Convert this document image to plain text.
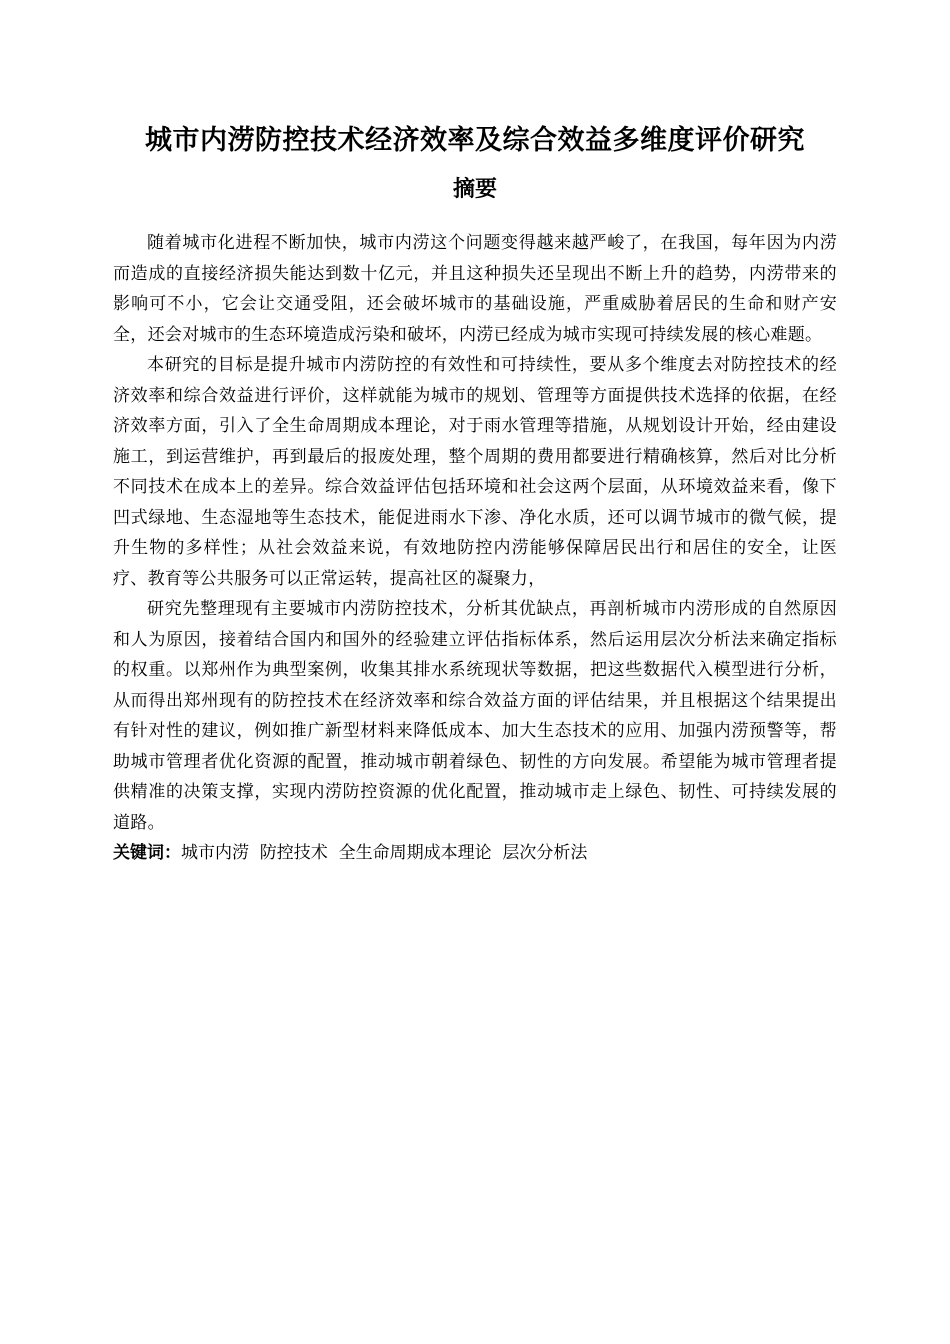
城市内涝防控技术经济效率及综合效益多维度评价研究
摘要

随着城市化进程不断加快，城市内涝这个问题变得越来越严峻了，在我国，每年因为内涝而造成的直接经济损失能达到数十亿元，并且这种损失还呈现出不断上升的趋势，内涝带来的影响可不小，它会让交通受阻，还会破坏城市的基础设施，严重威胁着居民的生命和财产安全，还会对城市的生态环境造成污染和破坏，内涝已经成为城市实现可持续发展的核心难题。

本研究的目标是提升城市内涝防控的有效性和可持续性，要从多个维度去对防控技术的经济效率和综合效益进行评价，这样就能为城市的规划、管理等方面提供技术选择的依据，在经济效率方面，引入了全生命周期成本理论，对于雨水管理等措施，从规划设计开始，经由建设施工，到运营维护，再到最后的报废处理，整个周期的费用都要进行精确核算，然后对比分析不同技术在成本上的差异。综合效益评估包括环境和社会这两个层面，从环境效益来看，像下凹式绿地、生态湿地等生态技术，能促进雨水下渗、净化水质，还可以调节城市的微气候，提升生物的多样性；从社会效益来说，有效地防控内涝能够保障居民出行和居住的安全，让医疗、教育等公共服务可以正常运转，提高社区的凝聚力，

研究先整理现有主要城市内涝防控技术，分析其优缺点，再剖析城市内涝形成的自然原因和人为原因，接着结合国内和国外的经验建立评估指标体系，然后运用层次分析法来确定指标的权重。以郑州作为典型案例，收集其排水系统现状等数据，把这些数据代入模型进行分析，从而得出郑州现有的防控技术在经济效率和综合效益方面的评估结果，并且根据这个结果提出有针对性的建议，例如推广新型材料来降低成本、加大生态技术的应用、加强内涝预警等，帮助城市管理者优化资源的配置，推动城市朝着绿色、韧性的方向发展。希望能为城市管理者提供精准的决策支撑，实现内涝防控资源的优化配置，推动城市走上绿色、韧性、可持续发展的道路。

关键词：城市内涝  防控技术  全生命周期成本理论  层次分析法
